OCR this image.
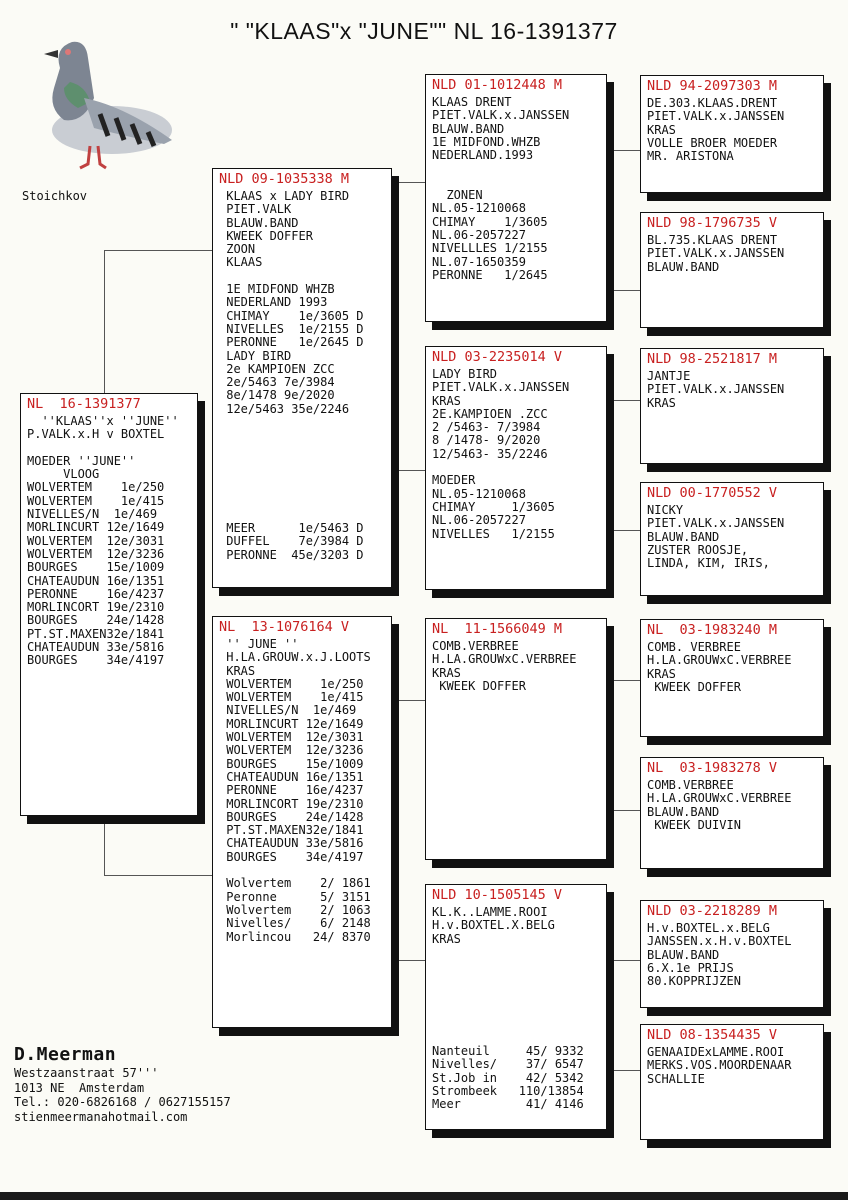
" "KLAAS"x "JUNE"" NL 16-1391377
Stoichkov
NL  16-1391377
''KLAAS''x ''JUNE''
P.VALK.x.H v BOXTEL
MOEDER ''JUNE''
VLOOG
WOLVERTEM    1e/250
WOLVERTEM    1e/415
NIVELLES/N  1e/469
MORLINCURT 12e/1649
WOLVERTEM  12e/3031
WOLVERTEM  12e/3236
BOURGES    15e/1009
CHATEAUDUN 16e/1351
PERONNE    16e/4237
MORLINCORT 19e/2310
BOURGES    24e/1428
PT.ST.MAXEN32e/1841
CHATEAUDUN 33e/5816
BOURGES    34e/4197
NLD 09-1035338 M
KLAAS x LADY BIRD
PIET.VALK
BLAUW.BAND
KWEEK DOFFER
ZOON
KLAAS
1E MIDFOND WHZB
NEDERLAND 1993
CHIMAY    1e/3605 D
NIVELLES  1e/2155 D
PERONNE   1e/2645 D
LADY BIRD
2e KAMPIOEN ZCC
2e/5463 7e/3984
8e/1478 9e/2020
12e/5463 35e/2246
MEER      1e/5463 D
DUFFEL    7e/3984 D
PERONNE  45e/3203 D
NL  13-1076164 V
'' JUNE ''
H.LA.GROUW.x.J.LOOTS
KRAS
WOLVERTEM    1e/250
WOLVERTEM    1e/415
NIVELLES/N  1e/469
MORLINCURT 12e/1649
WOLVERTEM  12e/3031
WOLVERTEM  12e/3236
BOURGES    15e/1009
CHATEAUDUN 16e/1351
PERONNE    16e/4237
MORLINCORT 19e/2310
BOURGES    24e/1428
PT.ST.MAXEN32e/1841
CHATEAUDUN 33e/5816
BOURGES    34e/4197
Wolvertem    2/ 1861
Peronne      5/ 3151
Wolvertem    2/ 1063
Nivelles/    6/ 2148
Morlincou   24/ 8370
NLD 01-1012448 M
KLAAS DRENT
PIET.VALK.x.JANSSEN
BLAUW.BAND
1E MIDFOND.WHZB
NEDERLAND.1993
ZONEN
NL.05-1210068
CHIMAY    1/3605
NL.06-2057227
NIVELLLES 1/2155
NL.07-1650359
PERONNE   1/2645
NLD 03-2235014 V
LADY BIRD
PIET.VALK.x.JANSSEN
KRAS
2E.KAMPIOEN .ZCC
2 /5463- 7/3984
8 /1478- 9/2020
12/5463- 35/2246
MOEDER
NL.05-1210068
CHIMAY     1/3605
NL.06-2057227
NIVELLES   1/2155
NL  11-1566049 M
COMB.VERBREE
H.LA.GROUWxC.VERBREE
KRAS
KWEEK DOFFER
NLD 10-1505145 V
KL.K..LAMME.ROOI
H.v.BOXTEL.X.BELG
KRAS
Nanteuil     45/ 9332
Nivelles/    37/ 6547
St.Job in    42/ 5342
Strombeek   110/13854
Meer         41/ 4146
NLD 94-2097303 M
DE.303.KLAAS.DRENT
PIET.VALK.x.JANSSEN
KRAS
VOLLE BROER MOEDER
MR. ARISTONA
NLD 98-1796735 V
BL.735.KLAAS DRENT
PIET.VALK.x.JANSSEN
BLAUW.BAND
NLD 98-2521817 M
JANTJE
PIET.VALK.x.JANSSEN
KRAS
NLD 00-1770552 V
NICKY
PIET.VALK.x.JANSSEN
BLAUW.BAND
ZUSTER ROOSJE,
LINDA, KIM, IRIS,
NL  03-1983240 M
COMB. VERBREE
H.LA.GROUWxC.VERBREE
KRAS
KWEEK DOFFER
NL  03-1983278 V
COMB.VERBREE
H.LA.GROUWxC.VERBREE
BLAUW.BAND
KWEEK DUIVIN
NLD 03-2218289 M
H.v.BOXTEL.x.BELG
JANSSEN.x.H.v.BOXTEL
BLAUW.BAND
6.X.1e PRIJS
80.KOPPRIJZEN
NLD 08-1354435 V
GENAAIDExLAMME.ROOI
MERKS.VOS.MOORDENAAR
SCHALLIE
D.Meerman
Westzaanstraat 57'''
1013 NE  Amsterdam
Tel.: 020-6826168 / 0627155157
stienmeermanahotmail.com
